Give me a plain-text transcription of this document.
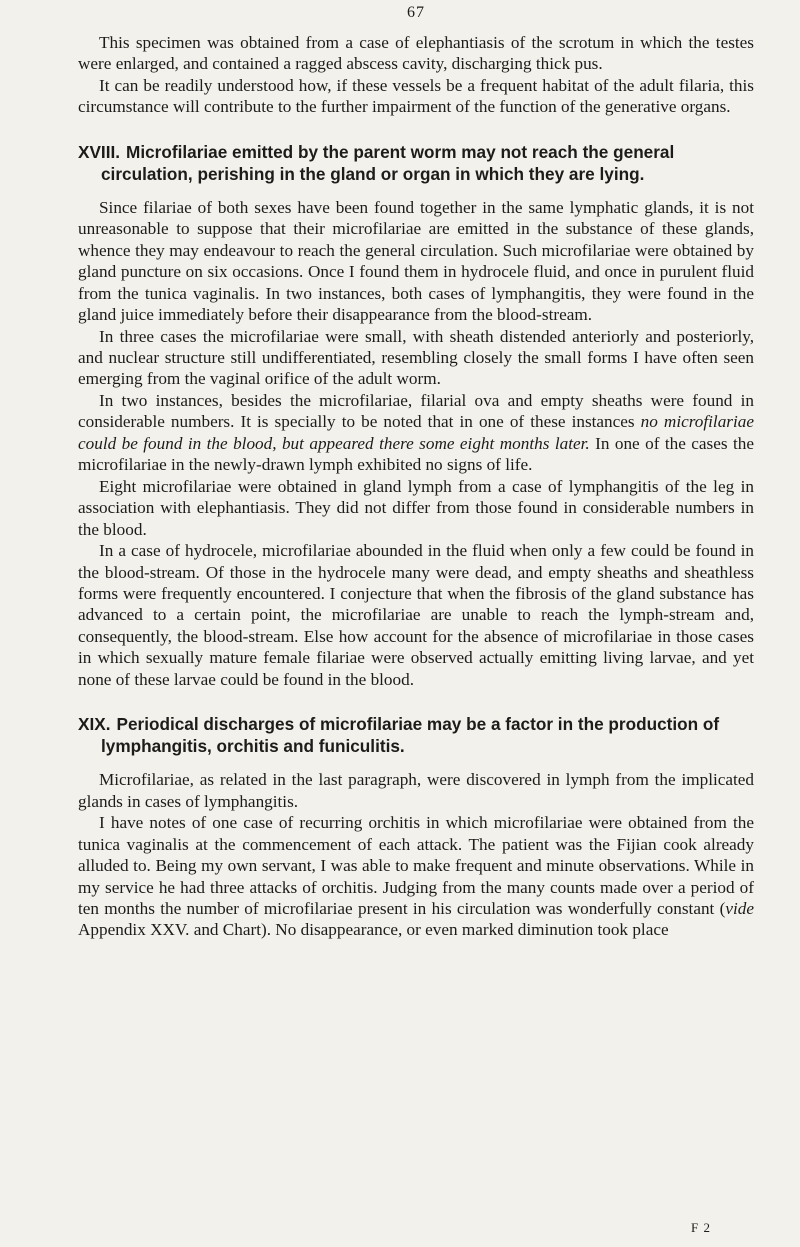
67

This specimen was obtained from a case of elephantiasis of the scrotum in which the testes were enlarged, and contained a ragged abscess cavity, discharging thick pus.

It can be readily understood how, if these vessels be a frequent habitat of the adult filaria, this circumstance will contribute to the further impairment of the function of the generative organs.

XVIII. Microfilariae emitted by the parent worm may not reach the general circulation, perishing in the gland or organ in which they are lying.

Since filariae of both sexes have been found together in the same lymphatic glands, it is not unreasonable to suppose that their microfilariae are emitted in the substance of these glands, whence they may endeavour to reach the general circulation. Such microfilariae were obtained by gland puncture on six occasions. Once I found them in hydrocele fluid, and once in purulent fluid from the tunica vaginalis. In two instances, both cases of lymphangitis, they were found in the gland juice immediately before their disappearance from the blood-stream.

In three cases the microfilariae were small, with sheath distended anteriorly and posteriorly, and nuclear structure still undifferentiated, resembling closely the small forms I have often seen emerging from the vaginal orifice of the adult worm.

In two instances, besides the microfilariae, filarial ova and empty sheaths were found in considerable numbers. It is specially to be noted that in one of these instances no microfilariae could be found in the blood, but appeared there some eight months later. In one of the cases the microfilariae in the newly-drawn lymph exhibited no signs of life.

Eight microfilariae were obtained in gland lymph from a case of lymphangitis of the leg in association with elephantiasis. They did not differ from those found in considerable numbers in the blood.

In a case of hydrocele, microfilariae abounded in the fluid when only a few could be found in the blood-stream. Of those in the hydrocele many were dead, and empty sheaths and sheathless forms were frequently encountered. I conjecture that when the fibrosis of the gland substance has advanced to a certain point, the microfilariae are unable to reach the lymph-stream and, consequently, the blood-stream. Else how account for the absence of microfilariae in those cases in which sexually mature female filariae were observed actually emitting living larvae, and yet none of these larvae could be found in the blood.

XIX. Periodical discharges of microfilariae may be a factor in the production of lymphangitis, orchitis and funiculitis.

Microfilariae, as related in the last paragraph, were discovered in lymph from the implicated glands in cases of lymphangitis.

I have notes of one case of recurring orchitis in which microfilariae were obtained from the tunica vaginalis at the commencement of each attack. The patient was the Fijian cook already alluded to. Being my own servant, I was able to make frequent and minute observations. While in my service he had three attacks of orchitis. Judging from the many counts made over a period of ten months the number of microfilariae present in his circulation was wonderfully constant (vide Appendix XXV. and Chart). No disappearance, or even marked diminution took place

F 2
